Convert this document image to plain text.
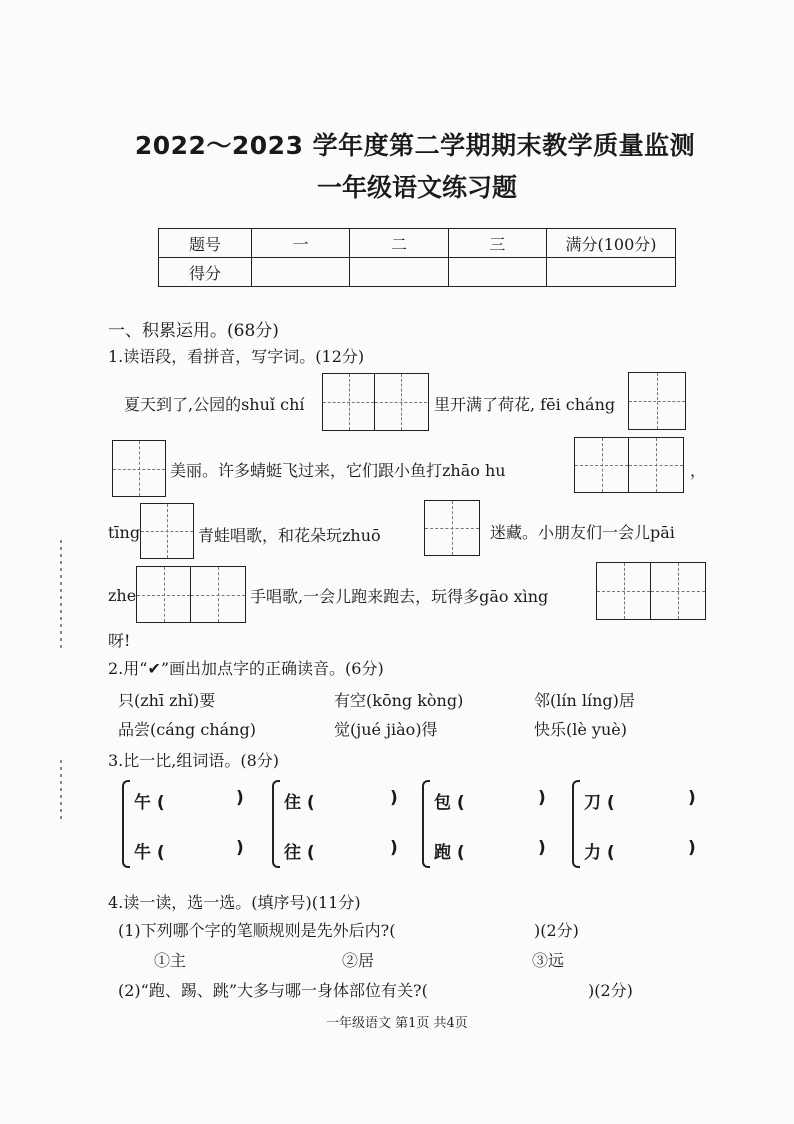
2022～2023 学年度第二学期期末教学质量监测
一年级语文练习题
题号	一	二	三	满分(100分)
得分				
一、积累运用。(68分)
1.读语段，看拼音，写字词。(12分)
夏天到了,公园的shuǐ chí	里开满了荷花, fēi cháng
美丽。许多蜻蜓飞过来，它们跟小鱼打zhāo hu	，
tīng	青蛙唱歌，和花朵玩zhuō	迷藏。小朋友们一会儿pāi
zhe	手唱歌,一会儿跑来跑去，玩得多gāo xìng
呀!
2.用“✔”画出加点字的正确读音。(6分)
只(zhī zhǐ)要	有空(kōng kòng)	邻(lín líng)居
品尝(cáng cháng)	觉(jué jiào)得	快乐(lè yuè)
3.比一比,组词语。(8分)
午 (	)
牛 (	)
住 (	)
往 (	)
包 (	)
跑 (	)
刀 (	)
力 (	)
4.读一读，选一选。(填序号)(11分)
(1)下列哪个字的笔顺规则是先外后内?(	)(2分)
①主	②居	③远
(2)“跑、踢、跳”大多与哪一身体部位有关?(	)(2分)
一年级语文 第1页 共4页
